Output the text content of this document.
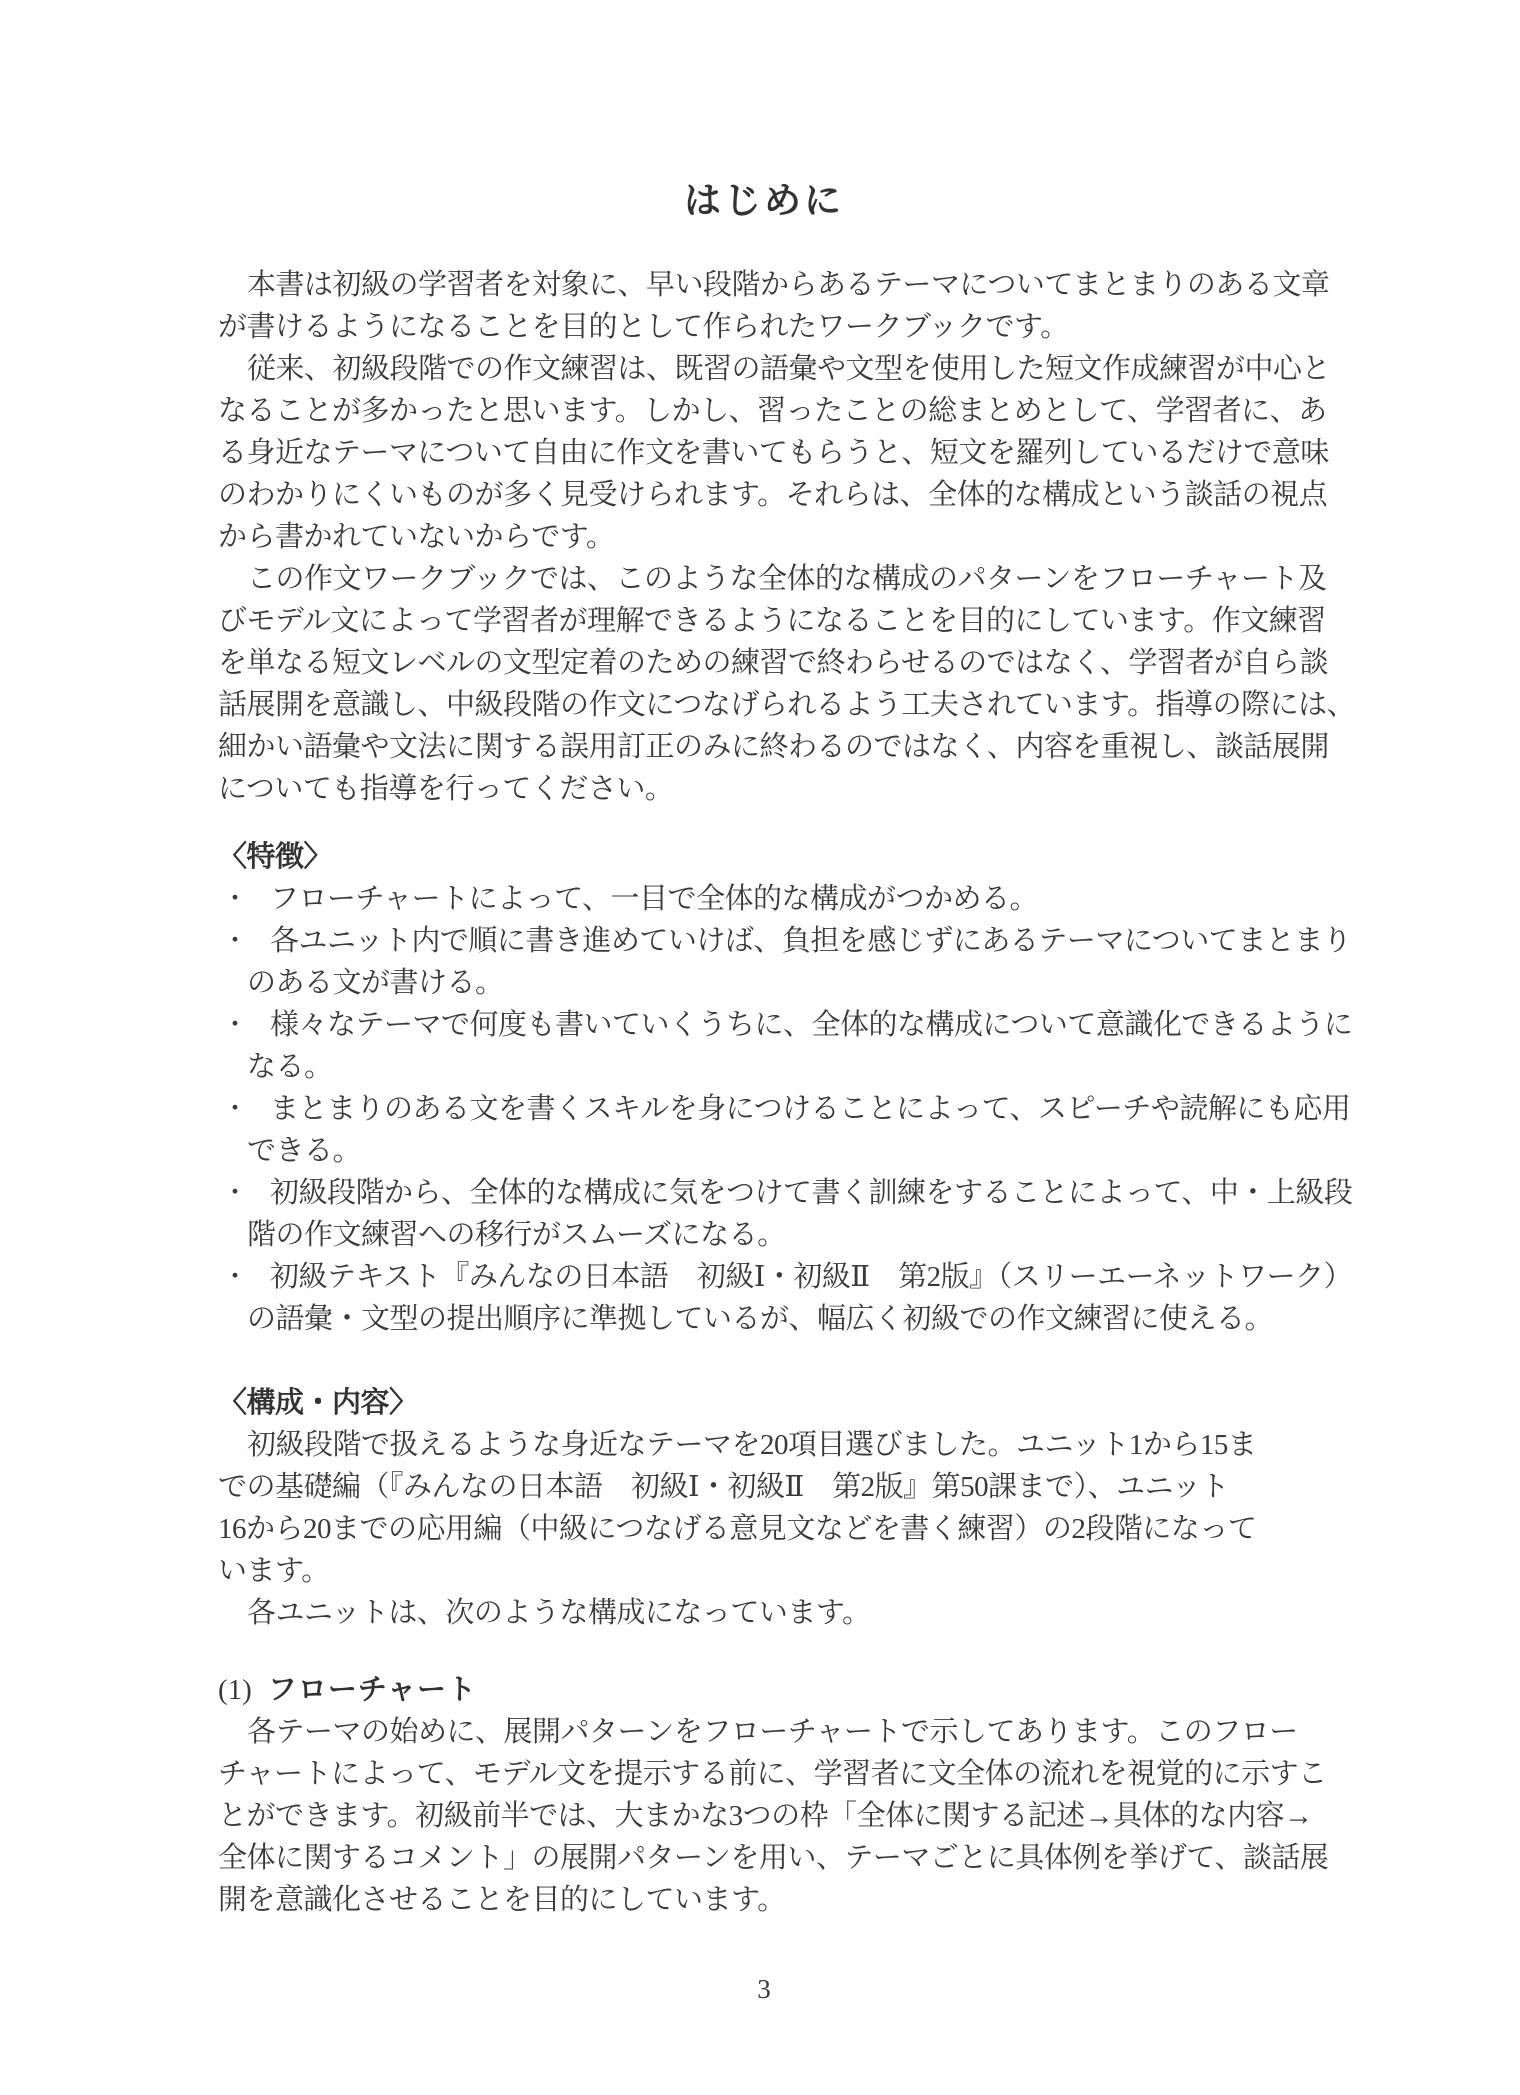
はじめに
本書は初級の学習者を対象に、早い段階からあるテーマについてまとまりのある文章
が書けるようになることを目的として作られたワークブックです。
従来、初級段階での作文練習は、既習の語彙や文型を使用した短文作成練習が中心と
なることが多かったと思います。しかし、習ったことの総まとめとして、学習者に、あ
る身近なテーマについて自由に作文を書いてもらうと、短文を羅列しているだけで意味
のわかりにくいものが多く見受けられます。それらは、全体的な構成という談話の視点
から書かれていないからです。
この作文ワークブックでは、このような全体的な構成のパターンをフローチャート及
びモデル文によって学習者が理解できるようになることを目的にしています。作文練習
を単なる短文レベルの文型定着のための練習で終わらせるのではなく、学習者が自ら談
話展開を意識し、中級段階の作文につなげられるよう工夫されています。指導の際には、
細かい語彙や文法に関する誤用訂正のみに終わるのではなく、内容を重視し、談話展開
についても指導を行ってください。
〈特徴〉
・ フローチャートによって、一目で全体的な構成がつかめる。
・ 各ユニット内で順に書き進めていけば、負担を感じずにあるテーマについてまとまり
のある文が書ける。
・ 様々なテーマで何度も書いていくうちに、全体的な構成について意識化できるように
なる。
・ まとまりのある文を書くスキルを身につけることによって、スピーチや読解にも応用
できる。
・ 初級段階から、全体的な構成に気をつけて書く訓練をすることによって、中・上級段
階の作文練習への移行がスムーズになる。
・ 初級テキスト『みんなの日本語　初級Ⅰ・初級Ⅱ　第2版』（スリーエーネットワーク）
の語彙・文型の提出順序に準拠しているが、幅広く初級での作文練習に使える。
〈構成・内容〉
初級段階で扱えるような身近なテーマを20項目選びました。ユニット1から15ま
での基礎編（『みんなの日本語　初級Ⅰ・初級Ⅱ　第2版』第50課まで）、ユニット
16から20までの応用編（中級につなげる意見文などを書く練習）の2段階になって
います。
各ユニットは、次のような構成になっています。
(1) フローチャート
各テーマの始めに、展開パターンをフローチャートで示してあります。このフロー
チャートによって、モデル文を提示する前に、学習者に文全体の流れを視覚的に示すこ
とができます。初級前半では、大まかな3つの枠「全体に関する記述→具体的な内容→
全体に関するコメント」の展開パターンを用い、テーマごとに具体例を挙げて、談話展
開を意識化させることを目的にしています。
3
